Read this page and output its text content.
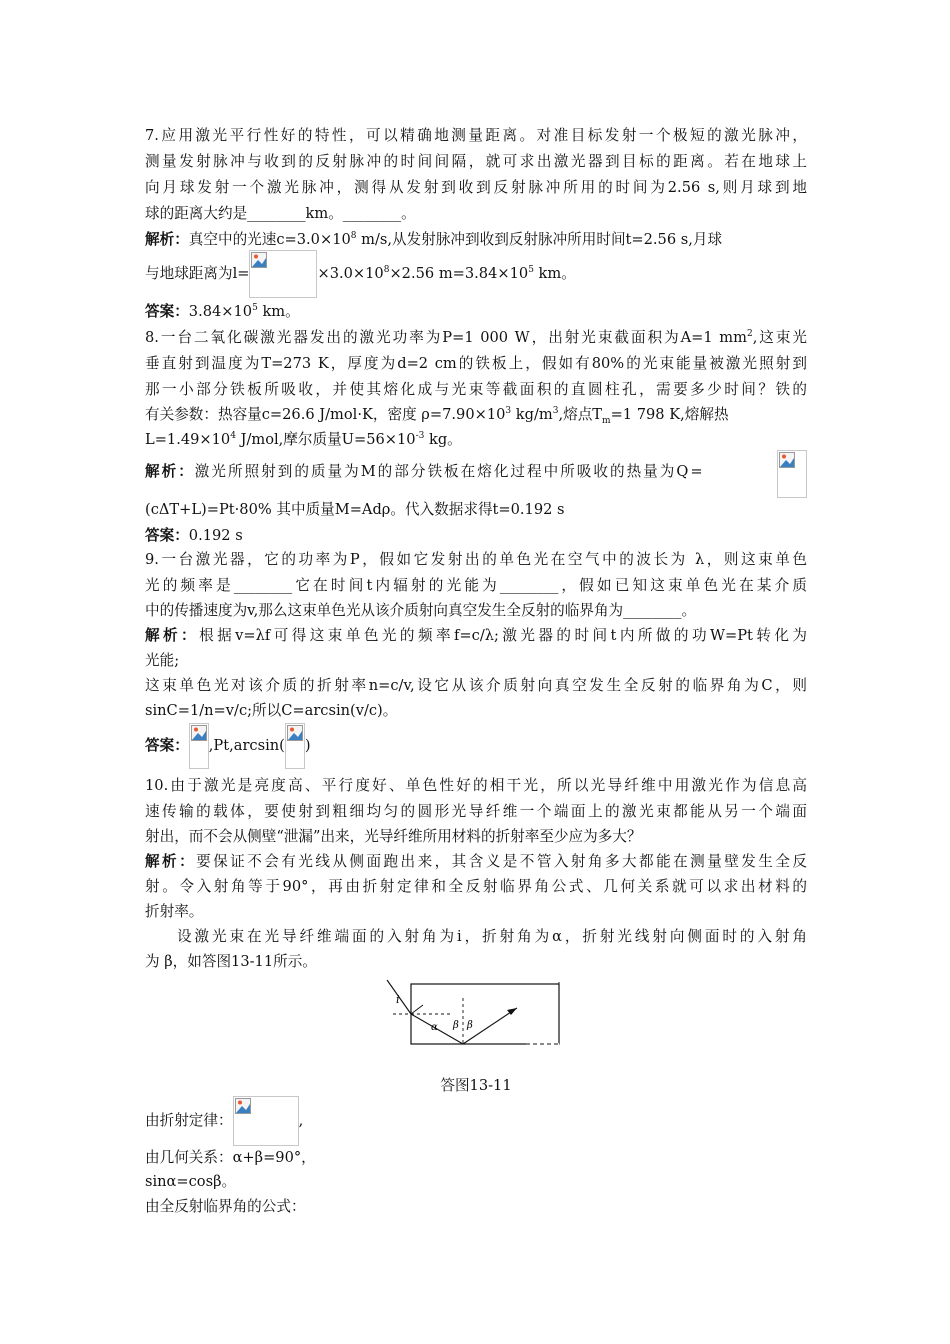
7.应用激光平行性好的特性，可以精确地测量距离。对准目标发射一个极短的激光脉冲，
测量发射脉冲与收到的反射脉冲的时间间隔，就可求出激光器到目标的距离。若在地球上
向月球发射一个激光脉冲，测得从发射到收到反射脉冲所用的时间为2.56 s,则月球到地
球的距离大约是________km。________。
解析：真空中的光速$c=3.0\times 10^8$ m/s,从发射脉冲到收到反射脉冲所用时间t=2.56 s,月球
与地球距离为l=	$\times 3.0\times 10^8\times 2.56$ $m=3.84\times 10^5$ km。
答案：$3.84\times 10^5$ km。
8.一台二氧化碳激光器发出的激光功率为P=1 000 W，出射光束截面积为A=1 $mm^2$,这束光
垂直射到温度为T=273 K，厚度为d=2 cm的铁板上，假如有80%的光束能量被激光照射到
那一小部分铁板所吸收，并使其熔化成与光束等截面积的直圆柱孔，需要多少时间？铁的
有关参数：热容量c=26.6 J/mol·K，密度 $\rho=7.90\times 10^3$ $kg/m^3$,熔点$T_m=1$ 798 K,熔解热
$L=1.49\times 10^4$ J/mol,摩尔质量$U=56\times 10^{-3}$ kg。
解析：激光所照射到的质量为M的部分铁板在熔化过程中所吸收的热量为Q=
(cΔT+L)=Pt·80% 其中质量M=Adρ。代入数据求得t=0.192 s
答案：0.192 s
9.一台激光器，它的功率为P，假如它发射出的单色光在空气中的波长为 λ，则这束单色
光的频率是________它在时间t内辐射的光能为________，假如已知这束单色光在某介质
中的传播速度为v,那么这束单色光从该介质射向真空发生全反射的临界角为________。
解析：根据v=λf可得这束单色光的频率f=c/λ;激光器的时间t内所做的功W=Pt转化为
光能;
这束单色光对该介质的折射率n=c/v,设它从该介质射向真空发生全反射的临界角为C，则
sinC=1/n=v/c;所以C=arcsin(v/c)。
答案： ,Pt,arcsin( )
10.由于激光是亮度高、平行度好、单色性好的相干光，所以光导纤维中用激光作为信息高
速传输的载体，要使射到粗细均匀的圆形光导纤维一个端面上的激光束都能从另一个端面
射出，而不会从侧壁“泄漏”出来，光导纤维所用材料的折射率至少应为多大？
解析：要保证不会有光线从侧面跑出来，其含义是不管入射角多大都能在测量壁发生全反
射。令入射角等于90°，再由折射定律和全反射临界角公式、几何关系就可以求出材料的
折射率。
设激光束在光导纤维端面的入射角为i，折射角为α，折射光线射向侧面时的入射角
为 β，如答图13-11所示。
答图13-11
由折射定律：	,
由几何关系：α+β=90°，
sinα=cosβ。
由全反射临界角的公式：
i
α β β
